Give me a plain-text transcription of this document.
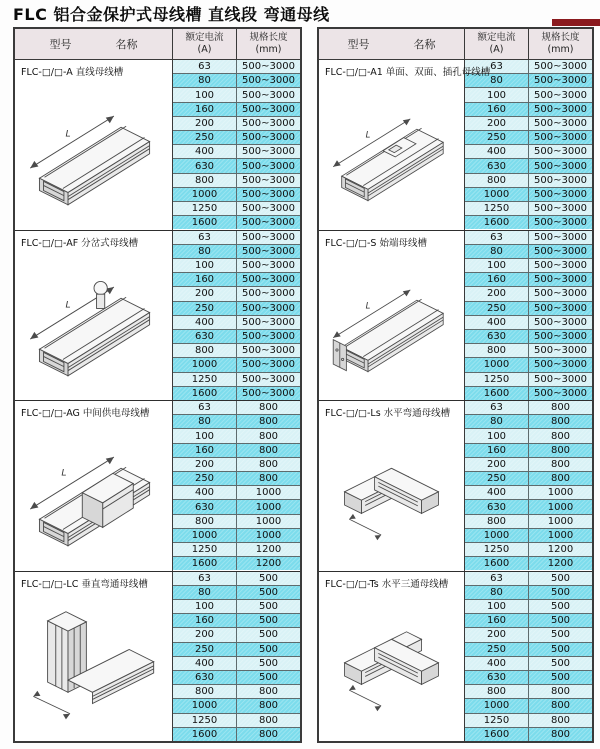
FLC 铝合金保护式母线槽 直线段 弯通母线
型号	名称
额定电流
(A)
规格长度
(mm)
FLC-□/□-A 直线母线槽
L
63	500~3000
80	500~3000
100	500~3000
160	500~3000
200	500~3000
250	500~3000
400	500~3000
630	500~3000
800	500~3000
1000	500~3000
1250	500~3000
1600	500~3000
FLC-□/□-AF 分岔式母线槽
L
63	500~3000
80	500~3000
100	500~3000
160	500~3000
200	500~3000
250	500~3000
400	500~3000
630	500~3000
800	500~3000
1000	500~3000
1250	500~3000
1600	500~3000
FLC-□/□-AG 中间供电母线槽
L
63	800
80	800
100	800
160	800
200	800
250	800
400	1000
630	1000
800	1000
1000	1000
1250	1200
1600	1200
FLC-□/□-LC 垂直弯通母线槽
63	500
80	500
100	500
160	500
200	500
250	500
400	500
630	500
800	800
1000	800
1250	800
1600	800
型号	名称
额定电流
(A)
规格长度
(mm)
FLC-□/□-A1 单面、双面、插孔母线槽
L
63	500~3000
80	500~3000
100	500~3000
160	500~3000
200	500~3000
250	500~3000
400	500~3000
630	500~3000
800	500~3000
1000	500~3000
1250	500~3000
1600	500~3000
FLC-□/□-S 始端母线槽
L
63	500~3000
80	500~3000
100	500~3000
160	500~3000
200	500~3000
250	500~3000
400	500~3000
630	500~3000
800	500~3000
1000	500~3000
1250	500~3000
1600	500~3000
FLC-□/□-Ls 水平弯通母线槽
63	800
80	800
100	800
160	800
200	800
250	800
400	1000
630	1000
800	1000
1000	1000
1250	1200
1600	1200
FLC-□/□-Ts 水平三通母线槽
63	500
80	500
100	500
160	500
200	500
250	500
400	500
630	500
800	800
1000	800
1250	800
1600	800
